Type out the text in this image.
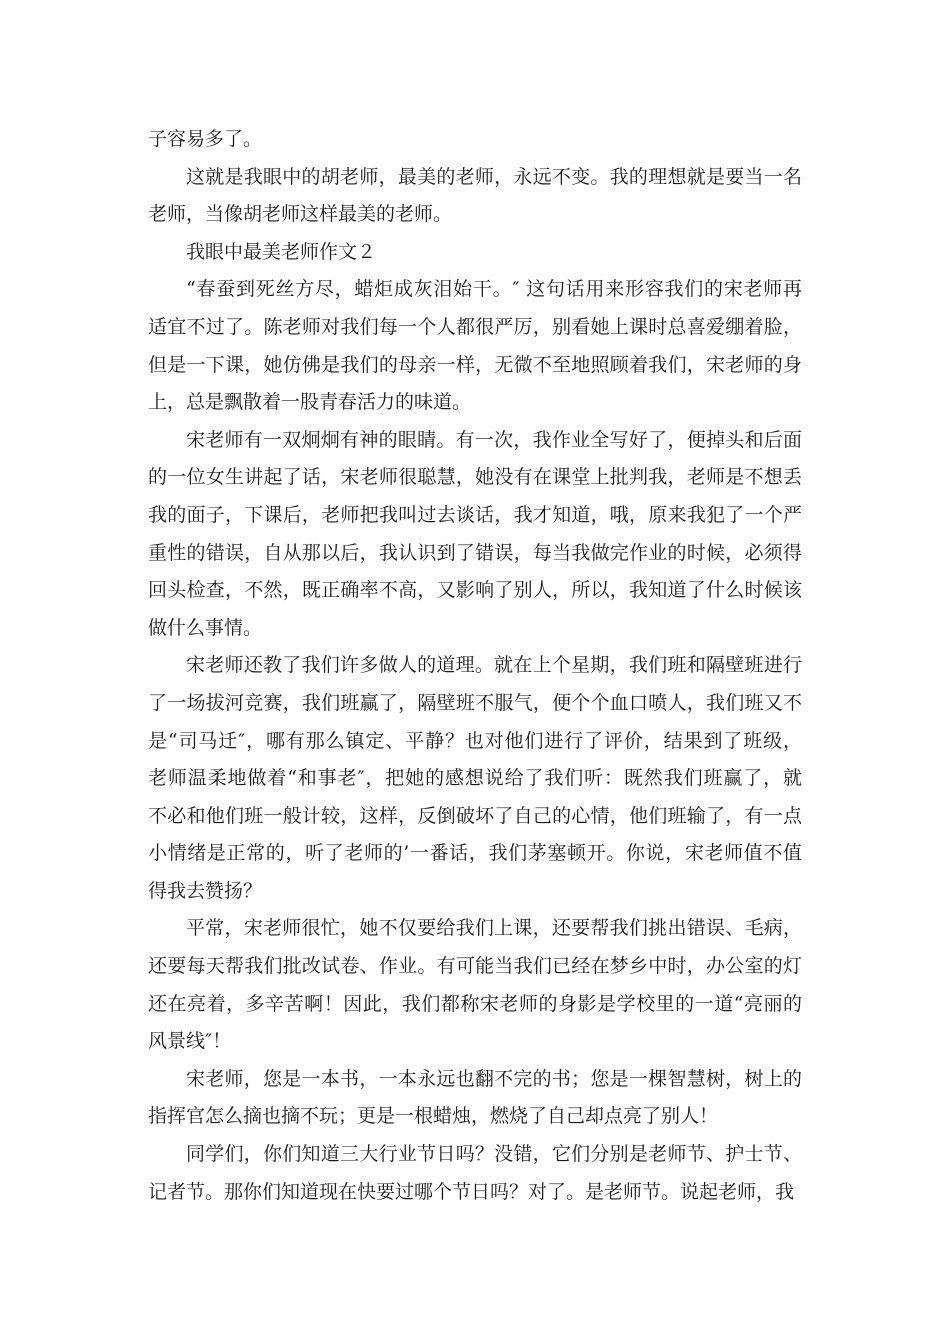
子容易多了。

这就是我眼中的胡老师，最美的老师，永远不变。我的理想就是要当一名
老师，当像胡老师这样最美的老师。

我眼中最美老师作文２

“春蚕到死丝方尽，蜡炬成灰泪始干。″ 这句话用来形容我们的宋老师再
适宜不过了。陈老师对我们每一个人都很严厉，别看她上课时总喜爱绷着脸，
但是一下课，她仿佛是我们的母亲一样，无微不至地照顾着我们，宋老师的身
上，总是飘散着一股青春活力的味道。

宋老师有一双炯炯有神的眼睛。有一次，我作业全写好了，便掉头和后面
的一位女生讲起了话，宋老师很聪慧，她没有在课堂上批判我，老师是不想丢
我的面子，下课后，老师把我叫过去谈话，我才知道，哦，原来我犯了一个严
重性的错误，自从那以后，我认识到了错误，每当我做完作业的时候，必须得
回头检查，不然，既正确率不高，又影响了别人，所以，我知道了什么时候该
做什么事情。

宋老师还教了我们许多做人的道理。就在上个星期，我们班和隔壁班进行
了一场拔河竞赛，我们班赢了，隔壁班不服气，便个个血口喷人，我们班又不
是“司马迁″，哪有那么镇定、平静？也对他们进行了评价，结果到了班级，
老师温柔地做着“和事老″，把她的感想说给了我们听：既然我们班赢了，就
不必和他们班一般计较，这样，反倒破坏了自己的心情，他们班输了，有一点
小情绪是正常的，听了老师的’一番话，我们茅塞顿开。你说，宋老师值不值
得我去赞扬？

平常，宋老师很忙，她不仅要给我们上课，还要帮我们挑出错误、毛病，
还要每天帮我们批改试卷、作业。有可能当我们已经在梦乡中时，办公室的灯
还在亮着，多辛苦啊！因此，我们都称宋老师的身影是学校里的一道“亮丽的
风景线″！

宋老师，您是一本书，一本永远也翻不完的书；您是一棵智慧树，树上的
指挥官怎么摘也摘不玩；更是一根蜡烛，燃烧了自己却点亮了别人！

同学们，你们知道三大行业节日吗？没错，它们分别是老师节、护士节、
记者节。那你们知道现在快要过哪个节日吗？对了。是老师节。说起老师，我
